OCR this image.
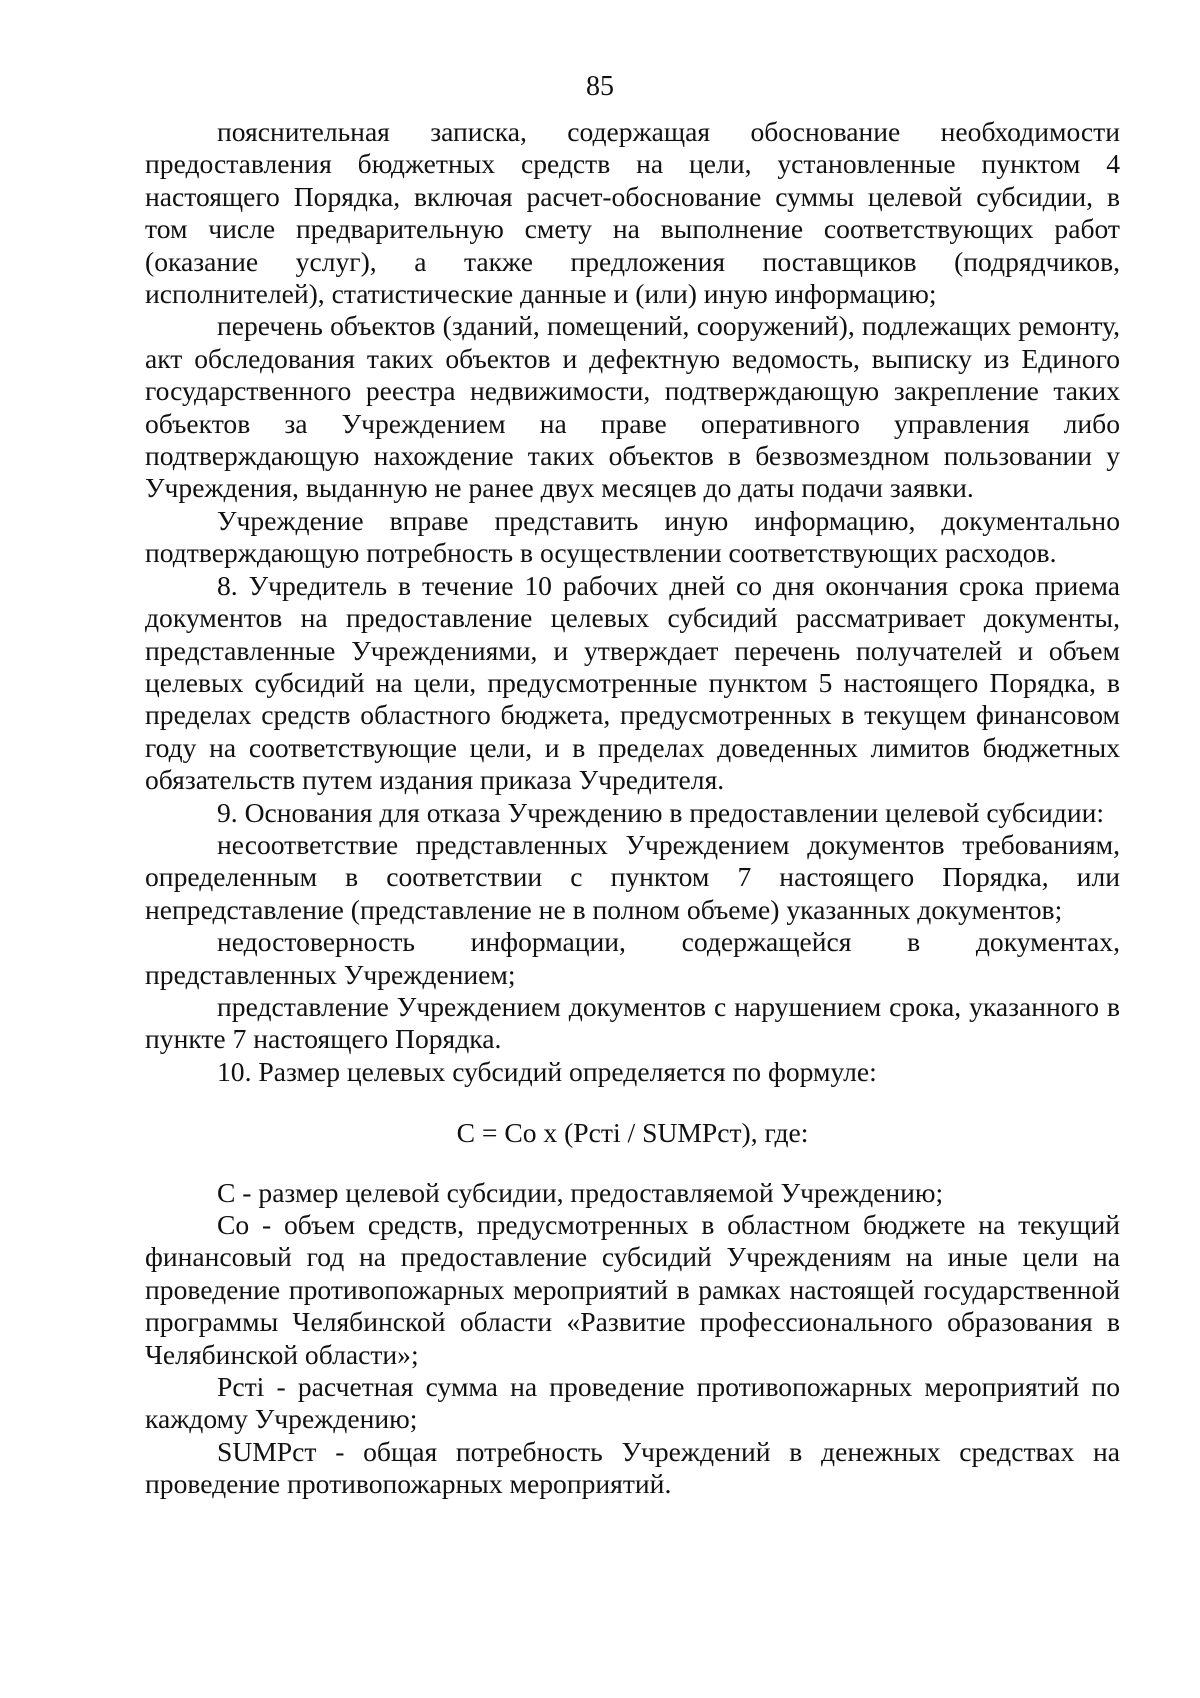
85

пояснительная записка, содержащая обоснование необходимости предоставления бюджетных средств на цели, установленные пунктом 4 настоящего Порядка, включая расчет-обоснование суммы целевой субсидии, в том числе предварительную смету на выполнение соответствующих работ (оказание услуг), а также предложения поставщиков (подрядчиков, исполнителей), статистические данные и (или) иную информацию;

перечень объектов (зданий, помещений, сооружений), подлежащих ремонту, акт обследования таких объектов и дефектную ведомость, выписку из Единого государственного реестра недвижимости, подтверждающую закрепление таких объектов за Учреждением на праве оперативного управления либо подтверждающую нахождение таких объектов в безвозмездном пользовании у Учреждения, выданную не ранее двух месяцев до даты подачи заявки.

Учреждение вправе представить иную информацию, документально подтверждающую потребность в осуществлении соответствующих расходов.

8. Учредитель в течение 10 рабочих дней со дня окончания срока приема документов на предоставление целевых субсидий рассматривает документы, представленные Учреждениями, и утверждает перечень получателей и объем целевых субсидий на цели, предусмотренные пунктом 5 настоящего Порядка, в пределах средств областного бюджета, предусмотренных в текущем финансовом году на соответствующие цели, и в пределах доведенных лимитов бюджетных обязательств путем издания приказа Учредителя.

9. Основания для отказа Учреждению в предоставлении целевой субсидии:

несоответствие представленных Учреждением документов требованиям, определенным в соответствии с пунктом 7 настоящего Порядка, или непредставление (представление не в полном объеме) указанных документов;

недостоверность информации, содержащейся в документах, представленных Учреждением;

представление Учреждением документов с нарушением срока, указанного в пункте 7 настоящего Порядка.

10. Размер целевых субсидий определяется по формуле:

С = Со x (Рстi / SUMРст), где:

С - размер целевой субсидии, предоставляемой Учреждению;

Со - объем средств, предусмотренных в областном бюджете на текущий финансовый год на предоставление субсидий Учреждениям на иные цели на проведение противопожарных мероприятий в рамках настоящей государственной программы Челябинской области «Развитие профессионального образования в Челябинской области»;

Рстi - расчетная сумма на проведение противопожарных мероприятий по каждому Учреждению;

SUMРст - общая потребность Учреждений в денежных средствах на проведение противопожарных мероприятий.
